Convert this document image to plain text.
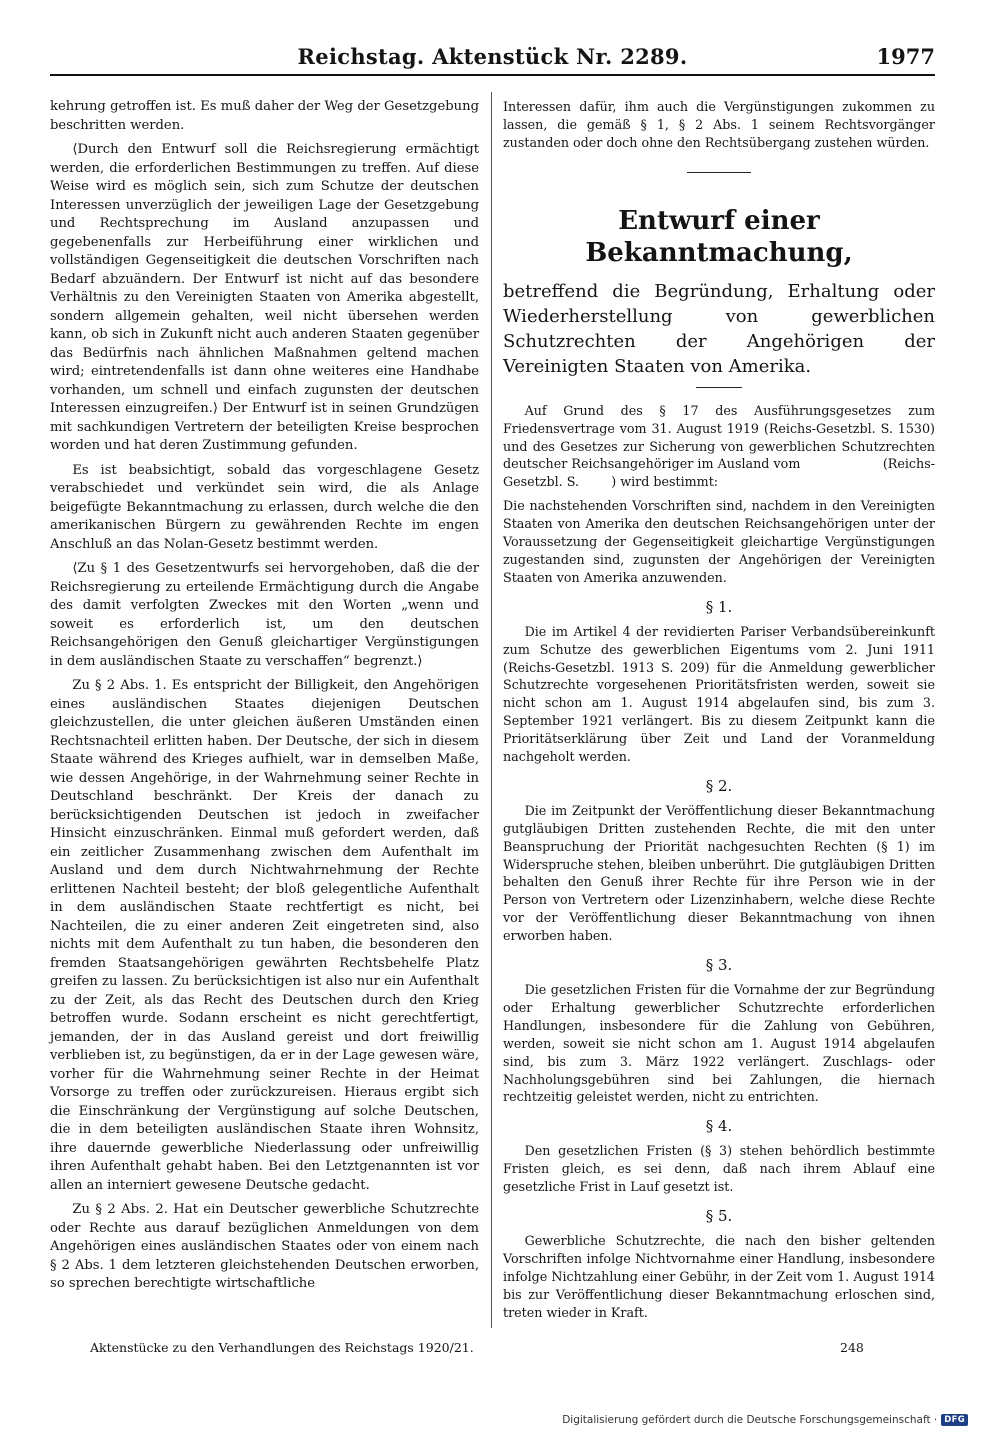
Reichstag. Aktenstück Nr. 2289.	1977

kehrung getroffen ist. Es muß daher der Weg der Gesetzgebung beschritten werden.

⟨Durch den Entwurf soll die Reichsregierung ermächtigt werden, die erforderlichen Bestimmungen zu treffen. Auf diese Weise wird es möglich sein, sich zum Schutze der deutschen Interessen unverzüglich der jeweiligen Lage der Gesetzgebung und Rechtsprechung im Ausland anzupassen und gegebenenfalls zur Herbeiführung einer wirklichen und vollständigen Gegenseitigkeit die deutschen Vorschriften nach Bedarf abzuändern. Der Entwurf ist nicht auf das besondere Verhältnis zu den Vereinigten Staaten von Amerika abgestellt, sondern allgemein gehalten, weil nicht übersehen werden kann, ob sich in Zukunft nicht auch anderen Staaten gegenüber das Bedürfnis nach ähnlichen Maßnahmen geltend machen wird; eintretendenfalls ist dann ohne weiteres eine Handhabe vorhanden, um schnell und einfach zugunsten der deutschen Interessen einzugreifen.⟩ Der Entwurf ist in seinen Grundzügen mit sachkundigen Vertretern der beteiligten Kreise besprochen worden und hat deren Zustimmung gefunden.

Es ist beabsichtigt, sobald das vorgeschlagene Gesetz verabschiedet und verkündet sein wird, die als Anlage beigefügte Bekanntmachung zu erlassen, durch welche die den amerikanischen Bürgern zu gewährenden Rechte im engen Anschluß an das Nolan-Gesetz bestimmt werden.

⟨Zu § 1 des Gesetzentwurfs sei hervorgehoben, daß die der Reichsregierung zu erteilende Ermächtigung durch die Angabe des damit verfolgten Zweckes mit den Worten „wenn und soweit es erforderlich ist, um den deutschen Reichsangehörigen den Genuß gleichartiger Vergünstigungen in dem ausländischen Staate zu verschaffen“ begrenzt.⟩

Zu § 2 Abs. 1. Es entspricht der Billigkeit, den Angehörigen eines ausländischen Staates diejenigen Deutschen gleichzustellen, die unter gleichen äußeren Umständen einen Rechtsnachteil erlitten haben. Der Deutsche, der sich in diesem Staate während des Krieges aufhielt, war in demselben Maße, wie dessen Angehörige, in der Wahrnehmung seiner Rechte in Deutschland beschränkt. Der Kreis der danach zu berücksichtigenden Deutschen ist jedoch in zweifacher Hinsicht einzuschränken. Einmal muß gefordert werden, daß ein zeitlicher Zusammenhang zwischen dem Aufenthalt im Ausland und dem durch Nichtwahrnehmung der Rechte erlittenen Nachteil besteht; der bloß gelegentliche Aufenthalt in dem ausländischen Staate rechtfertigt es nicht, bei Nachteilen, die zu einer anderen Zeit eingetreten sind, also nichts mit dem Aufenthalt zu tun haben, die besonderen den fremden Staatsangehörigen gewährten Rechtsbehelfe Platz greifen zu lassen. Zu berücksichtigen ist also nur ein Aufenthalt zu der Zeit, als das Recht des Deutschen durch den Krieg betroffen wurde. Sodann erscheint es nicht gerechtfertigt, jemanden, der in das Ausland gereist und dort freiwillig verblieben ist, zu begünstigen, da er in der Lage gewesen wäre, vorher für die Wahrnehmung seiner Rechte in der Heimat Vorsorge zu treffen oder zurückzureisen. Hieraus ergibt sich die Einschränkung der Vergünstigung auf solche Deutschen, die in dem beteiligten ausländischen Staate ihren Wohnsitz, ihre dauernde gewerbliche Niederlassung oder unfreiwillig ihren Aufenthalt gehabt haben. Bei den Letztgenannten ist vor allen an interniert gewesene Deutsche gedacht.

Zu § 2 Abs. 2. Hat ein Deutscher gewerbliche Schutzrechte oder Rechte aus darauf bezüglichen Anmeldungen von dem Angehörigen eines ausländischen Staates oder von einem nach § 2 Abs. 1 dem letzteren gleichstehenden Deutschen erworben, so sprechen berechtigte wirtschaftliche

Interessen dafür, ihm auch die Vergünstigungen zukommen zu lassen, die gemäß § 1, § 2 Abs. 1 seinem Rechtsvorgänger zustanden oder doch ohne den Rechtsübergang zustehen würden.

Entwurf einer Bekanntmachung,
betreffend die Begründung, Erhaltung oder Wiederherstellung von gewerblichen Schutzrechten der Angehörigen der Vereinigten Staaten von Amerika.

Auf Grund des § 17 des Ausführungsgesetzes zum Friedensvertrage vom 31. August 1919 (Reichs-Gesetzbl. S. 1530) und des Gesetzes zur Sicherung von gewerblichen Schutzrechten deutscher Reichsangehöriger im Ausland vom                    (Reichs-Gesetzbl. S.        ) wird bestimmt:

Die nachstehenden Vorschriften sind, nachdem in den Vereinigten Staaten von Amerika den deutschen Reichsangehörigen unter der Voraussetzung der Gegenseitigkeit gleichartige Vergünstigungen zugestanden sind, zugunsten der Angehörigen der Vereinigten Staaten von Amerika anzuwenden.

§ 1.

Die im Artikel 4 der revidierten Pariser Verbandsübereinkunft zum Schutze des gewerblichen Eigentums vom 2. Juni 1911 (Reichs-Gesetzbl. 1913 S. 209) für die Anmeldung gewerblicher Schutzrechte vorgesehenen Prioritätsfristen werden, soweit sie nicht schon am 1. August 1914 abgelaufen sind, bis zum 3. September 1921 verlängert. Bis zu diesem Zeitpunkt kann die Prioritätserklärung über Zeit und Land der Voranmeldung nachgeholt werden.

§ 2.

Die im Zeitpunkt der Veröffentlichung dieser Bekanntmachung gutgläubigen Dritten zustehenden Rechte, die mit den unter Beanspruchung der Priorität nachgesuchten Rechten (§ 1) im Widerspruche stehen, bleiben unberührt. Die gutgläubigen Dritten behalten den Genuß ihrer Rechte für ihre Person wie in der Person von Vertretern oder Lizenzinhabern, welche diese Rechte vor der Veröffentlichung dieser Bekanntmachung von ihnen erworben haben.

§ 3.

Die gesetzlichen Fristen für die Vornahme der zur Begründung oder Erhaltung gewerblicher Schutzrechte erforderlichen Handlungen, insbesondere für die Zahlung von Gebühren, werden, soweit sie nicht schon am 1. August 1914 abgelaufen sind, bis zum 3. März 1922 verlängert. Zuschlags- oder Nachholungsgebühren sind bei Zahlungen, die hiernach rechtzeitig geleistet werden, nicht zu entrichten.

§ 4.

Den gesetzlichen Fristen (§ 3) stehen behördlich bestimmte Fristen gleich, es sei denn, daß nach ihrem Ablauf eine gesetzliche Frist in Lauf gesetzt ist.

§ 5.

Gewerbliche Schutzrechte, die nach den bisher geltenden Vorschriften infolge Nichtvornahme einer Handlung, insbesondere infolge Nichtzahlung einer Gebühr, in der Zeit vom 1. August 1914 bis zur Veröffentlichung dieser Bekanntmachung erloschen sind, treten wieder in Kraft.

Aktenstücke zu den Verhandlungen des Reichstags 1920/21.	248
Digitalisierung gefördert durch die Deutsche Forschungsgemeinschaft · DFG
